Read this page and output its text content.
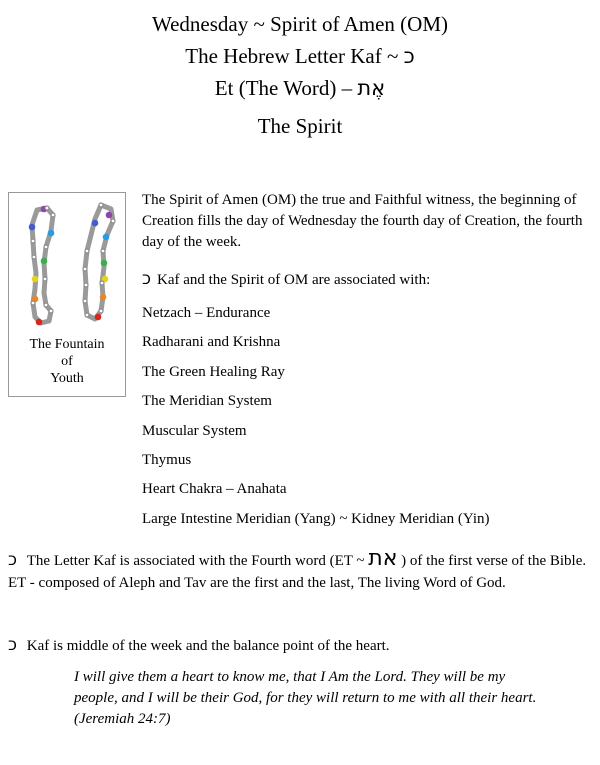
Wednesday ~ Spirit of Amen (OM)
The Hebrew Letter Kaf ~ כ
Et (The Word) – אֶת
The Spirit
The Fountain
of
Youth
The Spirit of Amen (OM) the true and Faithful witness, the beginning of Creation fills the day of Wednesday the fourth day of Creation, the fourth day of the week.
כ Kaf and the Spirit of OM are associated with:
Netzach – Endurance
Radharani and Krishna
The Green Healing Ray
The Meridian System
Muscular System
Thymus
Heart Chakra – Anahata
Large Intestine Meridian (Yang) ~ Kidney Meridian (Yin)
כ The Letter Kaf is associated with the Fourth word (ET ~ את ) of the first verse of the Bible. ET - composed of Aleph and Tav are the first and the last, The living Word of God.
כ Kaf is middle of the week and the balance point of the heart.
I will give them a heart to know me, that I Am the Lord. They will be my people, and I will be their God, for they will return to me with all their heart. (Jeremiah 24:7)
